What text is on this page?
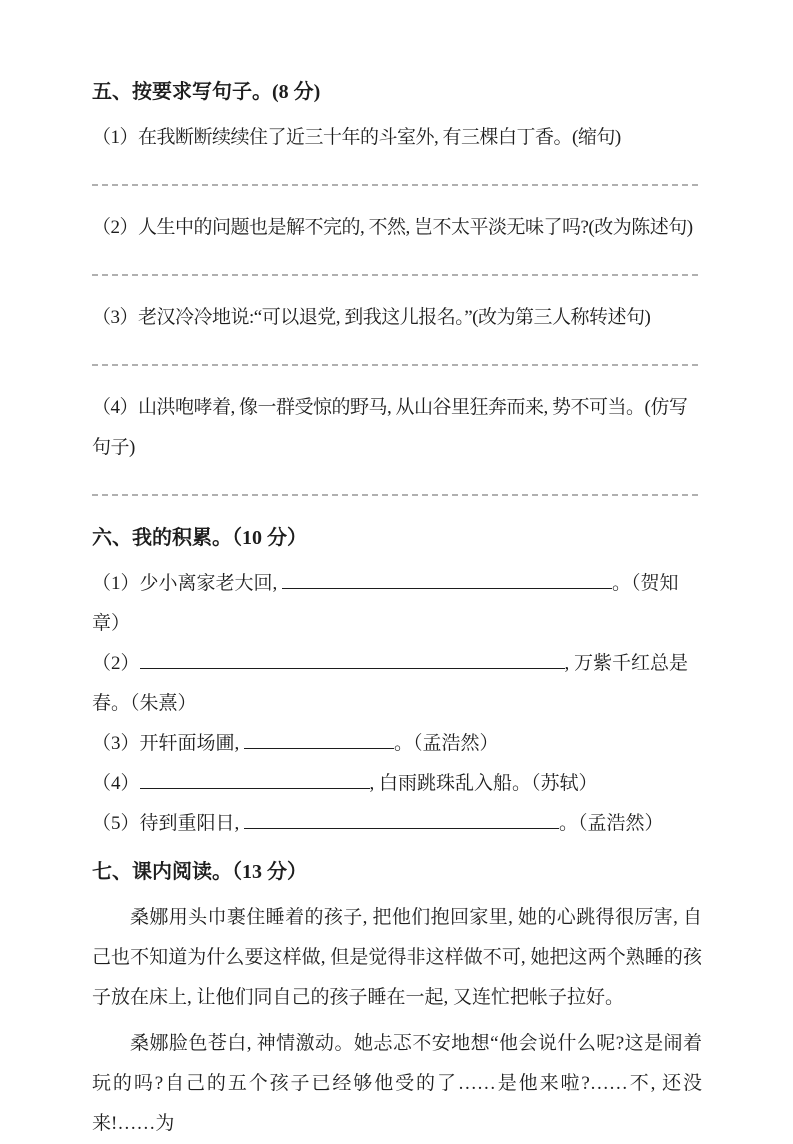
五、按要求写句子。(8 分)

（1）在我断断续续住了近三十年的斗室外, 有三棵白丁香。(缩句)

（2）人生中的问题也是解不完的, 不然, 岂不太平淡无味了吗?(改为陈述句)

（3）老汉冷冷地说:“可以退党, 到我这儿报名。”(改为第三人称转述句)

（4）山洪咆哮着, 像一群受惊的野马, 从山谷里狂奔而来, 势不可当。(仿写句子)

六、我的积累。（10 分）

（1）少小离家老大回,	。（贺知章）

（2）	, 万紫千红总是春。（朱熹）

（3）开轩面场圃,	。（孟浩然）

（4）	, 白雨跳珠乱入船。（苏轼）

（5）待到重阳日,	。（孟浩然）

七、课内阅读。（13 分）

桑娜用头巾裹住睡着的孩子, 把他们抱回家里, 她的心跳得很厉害, 自己也不知道为什么要这样做, 但是觉得非这样做不可, 她把这两个熟睡的孩子放在床上, 让他们同自己的孩子睡在一起, 又连忙把帐子拉好。

桑娜脸色苍白, 神情激动。她忐忑不安地想“他会说什么呢?这是闹着玩的吗?自己的五个孩子已经够他受的了……是他来啦?……不, 还没来!……为
